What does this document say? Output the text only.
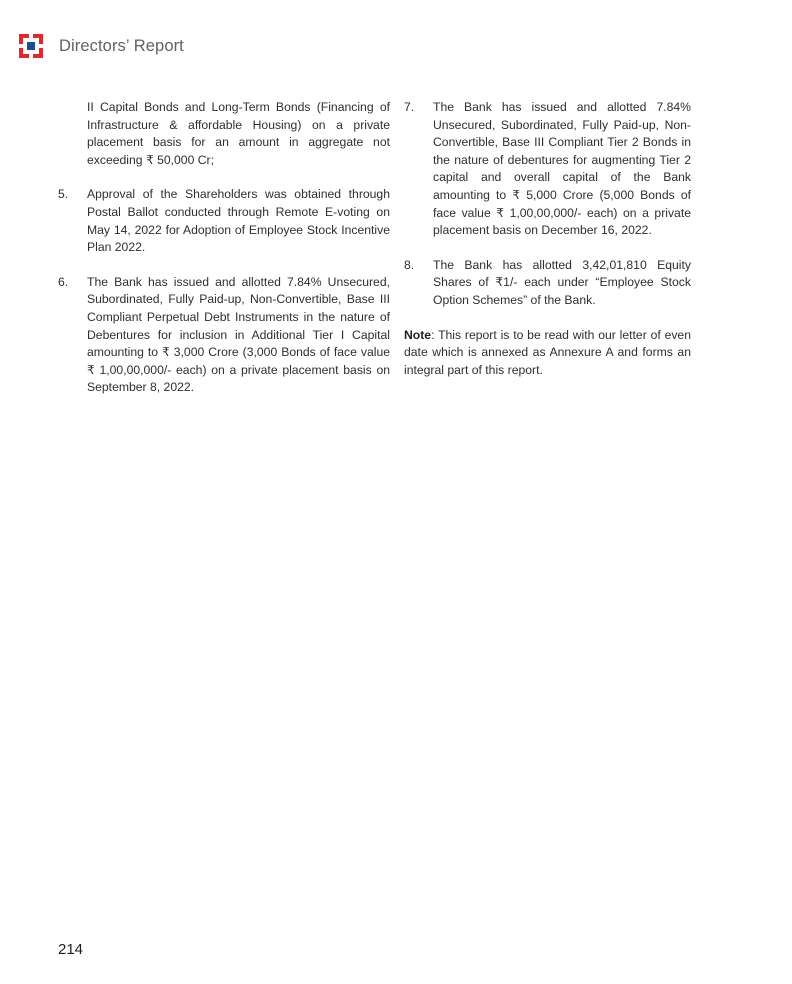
Directors’ Report
II Capital Bonds and Long-Term Bonds (Financing of Infrastructure & affordable Housing) on a private placement basis for an amount in aggregate not exceeding ₹ 50,000 Cr;
5.	Approval of the Shareholders was obtained through Postal Ballot conducted through Remote E-voting on May 14, 2022 for Adoption of Employee Stock Incentive Plan 2022.
6.	The Bank has issued and allotted 7.84% Unsecured, Subordinated, Fully Paid-up, Non-Convertible, Base III Compliant Perpetual Debt Instruments in the nature of Debentures for inclusion in Additional Tier I Capital amounting to ₹ 3,000 Crore (3,000 Bonds of face value ₹ 1,00,00,000/- each) on a private placement basis on September 8, 2022.
7.	The Bank has issued and allotted 7.84% Unsecured, Subordinated, Fully Paid-up, Non-Convertible, Base III Compliant Tier 2 Bonds in the nature of debentures for augmenting Tier 2 capital and overall capital of the Bank amounting to ₹ 5,000 Crore (5,000 Bonds of face value ₹ 1,00,00,000/- each) on a private placement basis on December 16, 2022.
8.	The Bank has allotted 3,42,01,810 Equity Shares of ₹1/- each under “Employee Stock Option Schemes” of the Bank.
Note: This report is to be read with our letter of even date which is annexed as Annexure A and forms an integral part of this report.
214
